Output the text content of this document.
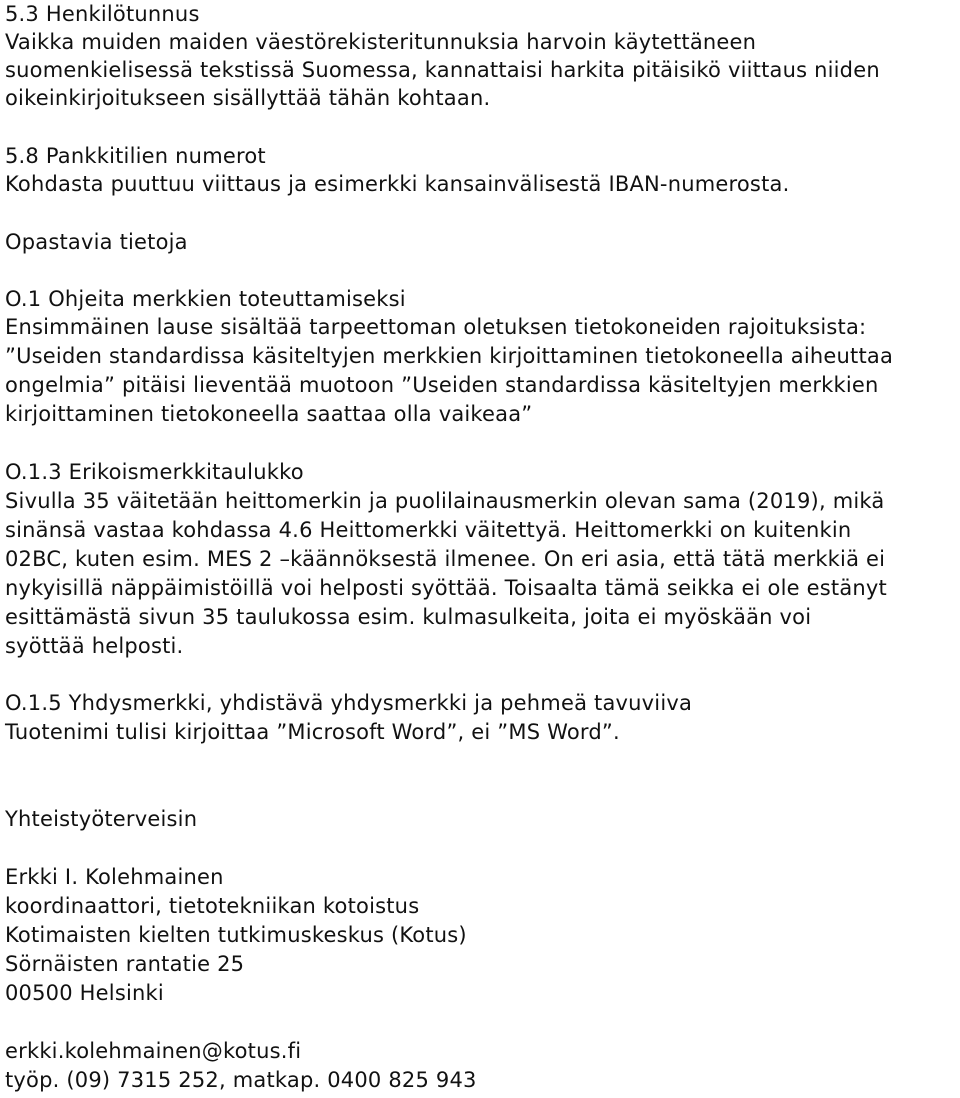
5.3 Henkilötunnus
Vaikka muiden maiden väestörekisteritunnuksia harvoin käytettäneen
suomenkielisessä tekstissä Suomessa, kannattaisi harkita pitäisikö viittaus niiden
oikeinkirjoitukseen sisällyttää tähän kohtaan.
5.8 Pankkitilien numerot
Kohdasta puuttuu viittaus ja esimerkki kansainvälisestä IBAN-numerosta.
Opastavia tietoja
O.1 Ohjeita merkkien toteuttamiseksi
Ensimmäinen lause sisältää tarpeettoman oletuksen tietokoneiden rajoituksista:
”Useiden standardissa käsiteltyjen merkkien kirjoittaminen tietokoneella aiheuttaa
ongelmia” pitäisi lieventää muotoon ”Useiden standardissa käsiteltyjen merkkien
kirjoittaminen tietokoneella saattaa olla vaikeaa”
O.1.3 Erikoismerkkitaulukko
Sivulla 35 väitetään heittomerkin ja puolilainausmerkin olevan sama (2019), mikä
sinänsä vastaa kohdassa 4.6 Heittomerkki väitettyä. Heittomerkki on kuitenkin
02BC, kuten esim. MES 2 –käännöksestä ilmenee. On eri asia, että tätä merkkiä ei
nykyisillä näppäimistöillä voi helposti syöttää. Toisaalta tämä seikka ei ole estänyt
esittämästä sivun 35 taulukossa esim. kulmasulkeita, joita ei myöskään voi
syöttää helposti.
O.1.5 Yhdysmerkki, yhdistävä yhdysmerkki ja pehmeä tavuviiva
Tuotenimi tulisi kirjoittaa ”Microsoft Word”, ei ”MS Word”.
Yhteistyöterveisin
Erkki I. Kolehmainen
koordinaattori, tietotekniikan kotoistus
Kotimaisten kielten tutkimuskeskus (Kotus)
Sörnäisten rantatie 25
00500 Helsinki
erkki.kolehmainen@kotus.fi
työp. (09) 7315 252, matkap. 0400 825 943
